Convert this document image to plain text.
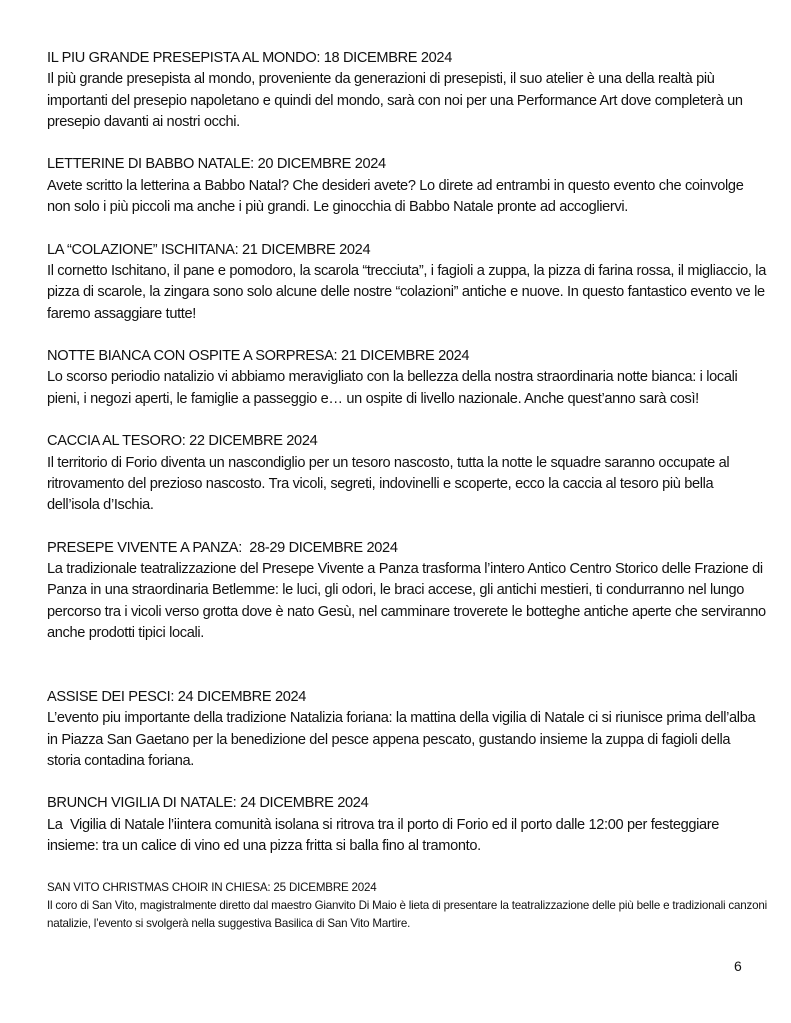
IL PIU GRANDE PRESEPISTA AL MONDO: 18 DICEMBRE 2024

Il più grande presepista al mondo, proveniente da generazioni di presepisti, il suo atelier è una della realtà più importanti del presepio napoletano e quindi del mondo, sarà con noi per una Performance Art dove completerà un presepio davanti ai nostri occhi.

LETTERINE DI BABBO NATALE: 20 DICEMBRE 2024

Avete scritto la letterina a Babbo Natal? Che desideri avete? Lo direte ad entrambi in questo evento che coinvolge non solo i più piccoli ma anche i più grandi. Le ginocchia di Babbo Natale pronte ad accogliervi.

LA “COLAZIONE” ISCHITANA: 21 DICEMBRE 2024

Il cornetto Ischitano, il pane e pomodoro, la scarola “trecciuta”, i fagioli a zuppa, la pizza di farina rossa, il migliaccio, la pizza di scarole, la zingara sono solo alcune delle nostre “colazioni” antiche e nuove. In questo fantastico evento ve le faremo assaggiare tutte!

NOTTE BIANCA CON OSPITE A SORPRESA: 21 DICEMBRE 2024

Lo scorso periodio natalizio vi abbiamo meravigliato con la bellezza della nostra straordinaria notte bianca: i locali pieni, i negozi aperti, le famiglie a passeggio e… un ospite di livello nazionale. Anche quest’anno sarà così!

CACCIA AL TESORO: 22 DICEMBRE 2024

Il territorio di Forio diventa un nascondiglio per un tesoro nascosto, tutta la notte le squadre saranno occupate al ritrovamento del prezioso nascosto. Tra vicoli, segreti, indovinelli e scoperte, ecco la caccia al tesoro più bella dell’isola d’Ischia.

PRESEPE VIVENTE A PANZA:  28-29 DICEMBRE 2024

La tradizionale teatralizzazione del Presepe Vivente a Panza trasforma l’intero Antico Centro Storico delle Frazione di Panza in una straordinaria Betlemme: le luci, gli odori, le braci accese, gli antichi mestieri, ti condurranno nel lungo percorso tra i vicoli verso grotta dove è nato Gesù, nel camminare troverete le botteghe antiche aperte che serviranno anche prodotti tipici locali.

ASSISE DEI PESCI: 24 DICEMBRE 2024

L’evento piu importante della tradizione Natalizia foriana: la mattina della vigilia di Natale ci si riunisce prima dell’alba in Piazza San Gaetano per la benedizione del pesce appena pescato, gustando insieme la zuppa di fagioli della storia contadina foriana.

BRUNCH VIGILIA DI NATALE: 24 DICEMBRE 2024

La  Vigilia di Natale l’iintera comunità isolana si ritrova tra il porto di Forio ed il porto dalle 12:00 per festeggiare insieme: tra un calice di vino ed una pizza fritta si balla fino al tramonto.

SAN VITO CHRISTMAS CHOIR IN CHIESA: 25 DICEMBRE 2024

Il coro di San Vito, magistralmente diretto dal maestro Gianvito Di Maio è lieta di presentare la teatralizzazione delle più belle e tradizionali canzoni natalizie, l’evento si svolgerà nella suggestiva Basilica di San Vito Martire.

6
